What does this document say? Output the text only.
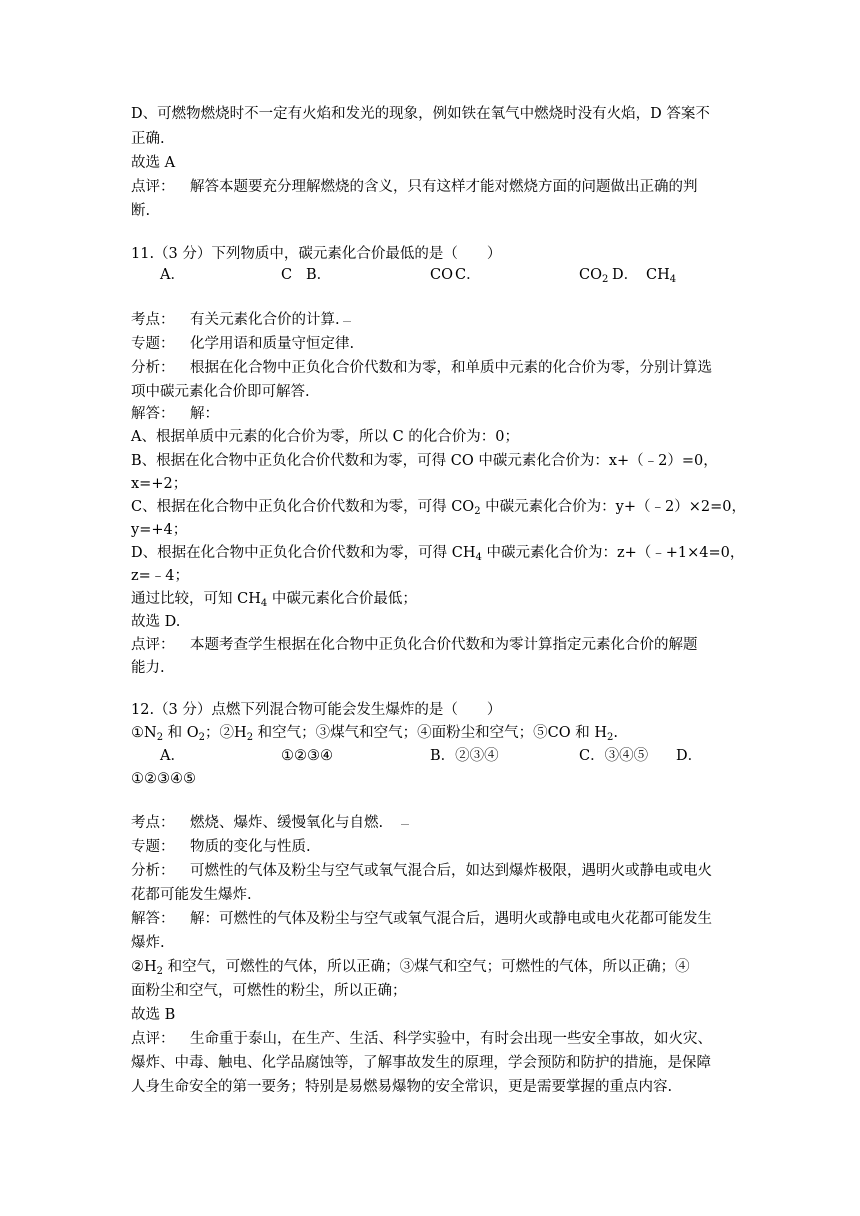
D、可燃物燃烧时不一定有火焰和发光的现象，例如铁在氧气中燃烧时没有火焰，D 答案不
正确.
故选 A
点评： 解答本题要充分理解燃烧的含义，只有这样才能对燃烧方面的问题做出正确的判
断.
11.（3 分）下列物质中，碳元素化合价最低的是（　　）
A．	C B．	CO C．	$CO_2$ D． $CH_4$
考点： 有关元素化合价的计算.
专题： 化学用语和质量守恒定律.
分析： 根据在化合物中正负化合价代数和为零，和单质中元素的化合价为零，分别计算选
项中碳元素化合价即可解答.
解答： 解：
A、根据单质中元素的化合价为零，所以 C 的化合价为：0；
B、根据在化合物中正负化合价代数和为零，可得 CO 中碳元素化合价为：x+（﹣2）=0，
x=+2；
C、根据在化合物中正负化合价代数和为零，可得 $CO_2$ 中碳元素化合价为：y+（﹣2）×2=0，
y=+4；
D、根据在化合物中正负化合价代数和为零，可得 $CH_4$ 中碳元素化合价为：z+（﹣+1×4=0，
z=﹣4；
通过比较，可知 $CH_4$ 中碳元素化合价最低；
故选 D.
点评： 本题考查学生根据在化合物中正负化合价代数和为零计算指定元素化合价的解题
能力.
12.（3 分）点燃下列混合物可能会发生爆炸的是（　　）
$①N_2$ 和 $O_2$；$②H_2$ 和空气；③煤气和空气；④面粉尘和空气；⑤CO 和 $H_2$.
A．	①②③④	B．②③④	C．③④⑤ D．
①②③④⑤
考点： 燃烧、爆炸、缓慢氧化与自燃.
专题： 物质的变化与性质.
分析： 可燃性的气体及粉尘与空气或氧气混合后，如达到爆炸极限，遇明火或静电或电火
花都可能发生爆炸.
解答： 解：可燃性的气体及粉尘与空气或氧气混合后，遇明火或静电或电火花都可能发生
爆炸.
$②H_2$ 和空气，可燃性的气体，所以正确；③煤气和空气；可燃性的气体，所以正确；④
面粉尘和空气，可燃性的粉尘，所以正确；
故选 B
点评： 生命重于泰山，在生产、生活、科学实验中，有时会出现一些安全事故，如火灾、
爆炸、中毒、触电、化学品腐蚀等，了解事故发生的原理，学会预防和防护的措施，是保障
人身生命安全的第一要务；特别是易燃易爆物的安全常识，更是需要掌握的重点内容.
